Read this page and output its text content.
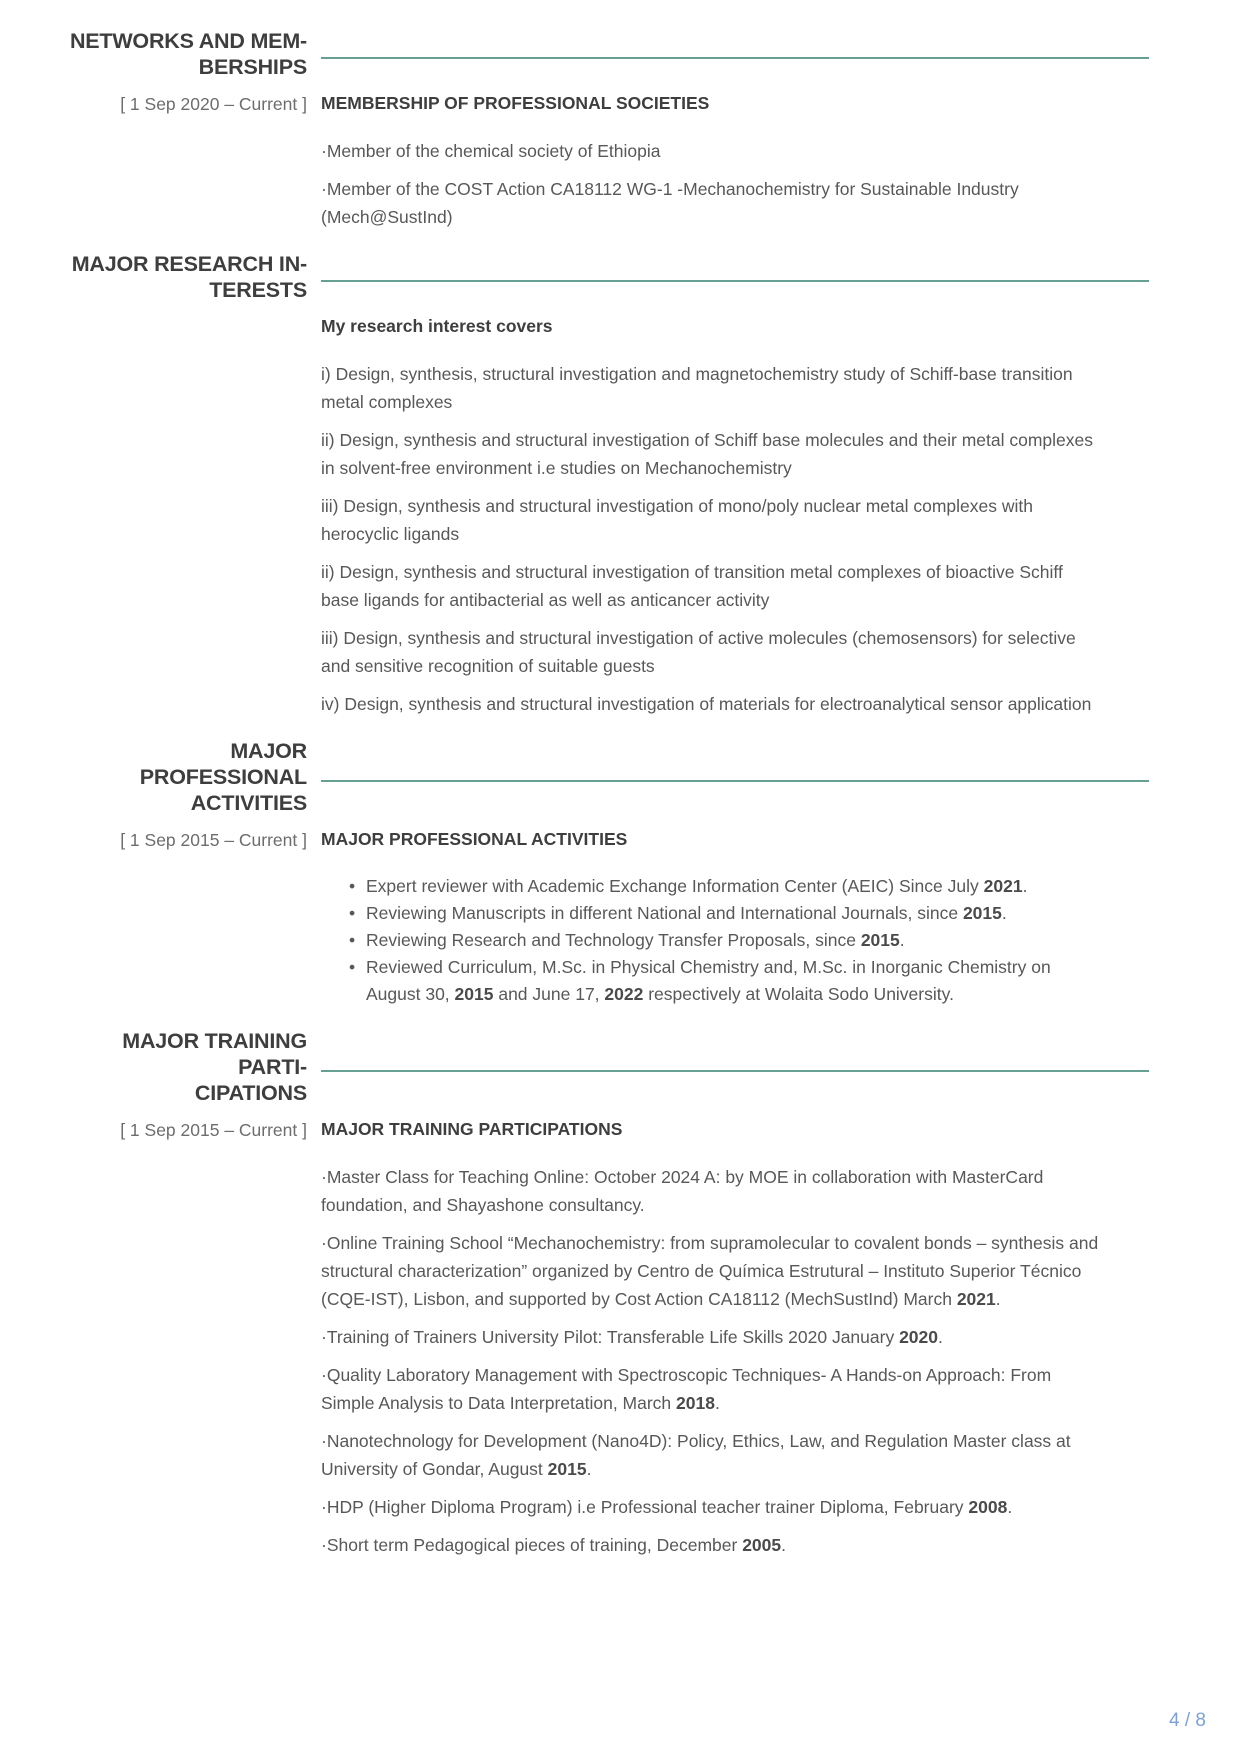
NETWORKS AND MEM-
BERSHIPS
[ 1 Sep 2020 – Current ] MEMBERSHIP OF PROFESSIONAL SOCIETIES

·Member of the chemical society of Ethiopia

·Member of the COST Action CA18112 WG-1 -Mechanochemistry for Sustainable Industry (Mech@SustInd)

MAJOR RESEARCH IN-
TERESTS
My research interest covers

i) Design, synthesis, structural investigation and magnetochemistry study of Schiff-base transition metal complexes

ii) Design, synthesis and structural investigation of Schiff base molecules and their metal complexes in solvent-free environment i.e studies on Mechanochemistry

iii) Design, synthesis and structural investigation of mono/poly nuclear metal complexes with herocyclic ligands

ii) Design, synthesis and structural investigation of transition metal complexes of bioactive Schiff base ligands for antibacterial as well as anticancer activity

iii) Design, synthesis and structural investigation of active molecules (chemosensors) for selective and sensitive recognition of suitable guests

iv) Design, synthesis and structural investigation of materials for electroanalytical sensor application

MAJOR PROFESSIONAL
ACTIVITIES
[ 1 Sep 2015 – Current ] MAJOR PROFESSIONAL ACTIVITIES
• Expert reviewer with Academic Exchange Information Center (AEIC) Since July 2021.
• Reviewing Manuscripts in different National and International Journals, since 2015.
• Reviewing Research and Technology Transfer Proposals, since 2015.
• Reviewed Curriculum, M.Sc. in Physical Chemistry and, M.Sc. in Inorganic Chemistry on August 30, 2015 and June 17, 2022 respectively at Wolaita Sodo University.
MAJOR TRAINING PARTI-
CIPATIONS
[ 1 Sep 2015 – Current ] MAJOR TRAINING PARTICIPATIONS

·Master Class for Teaching Online: October 2024 A: by MOE in collaboration with MasterCard foundation, and Shayashone consultancy.

·Online Training School “Mechanochemistry: from supramolecular to covalent bonds – synthesis and structural characterization” organized by Centro de Química Estrutural – Instituto Superior Técnico (CQE-IST), Lisbon, and supported by Cost Action CA18112 (MechSustInd) March 2021.

·Training of Trainers University Pilot: Transferable Life Skills 2020 January 2020.

·Quality Laboratory Management with Spectroscopic Techniques- A Hands-on Approach: From Simple Analysis to Data Interpretation, March 2018.

·Nanotechnology for Development (Nano4D): Policy, Ethics, Law, and Regulation Master class at University of Gondar, August 2015.

·HDP (Higher Diploma Program) i.e Professional teacher trainer Diploma, February 2008.

·Short term Pedagogical pieces of training, December 2005.

4 / 8
